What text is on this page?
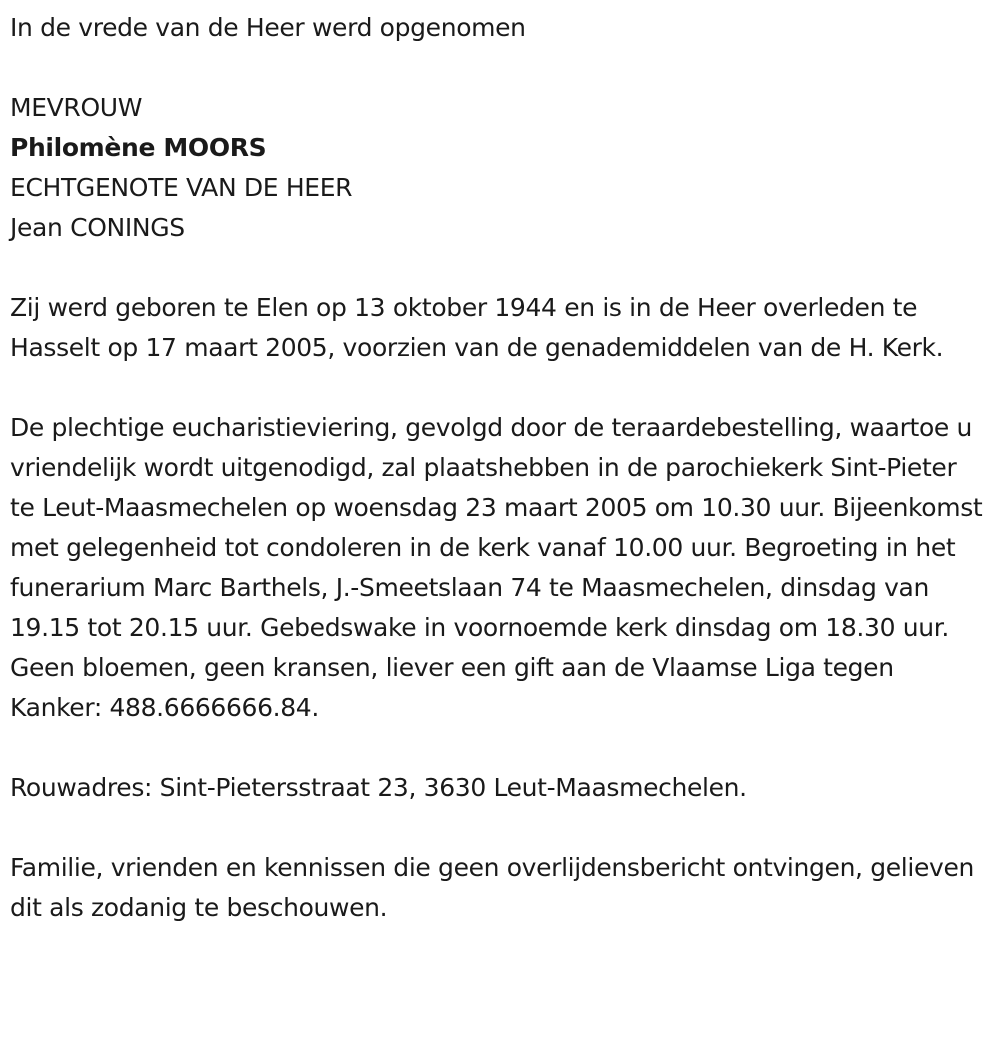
In de vrede van de Heer werd opgenomen

MEVROUW

Philomène MOORS

ECHTGENOTE VAN DE HEER

Jean CONINGS

Zij werd geboren te Elen op 13 oktober 1944 en is in de Heer overleden te Hasselt op 17 maart 2005, voorzien van de genademiddelen van de H. Kerk.

De plechtige eucharistieviering, gevolgd door de teraardebestelling, waartoe u vriendelijk wordt uitgenodigd, zal plaatshebben in de parochiekerk Sint-Pieter te Leut-Maasmechelen op woensdag 23 maart 2005 om 10.30 uur. Bijeenkomst met gelegenheid tot condoleren in de kerk vanaf 10.00 uur. Begroeting in het funerarium Marc Barthels, J.-Smeetslaan 74 te Maasmechelen, dinsdag van 19.15 tot 20.15 uur. Gebedswake in voornoemde kerk dinsdag om 18.30 uur. Geen bloemen, geen kransen, liever een gift aan de Vlaamse Liga tegen Kanker: 488.6666666.84.

Rouwadres: Sint-Pietersstraat 23, 3630 Leut-Maasmechelen.

Familie, vrienden en kennissen die geen overlijdensbericht ontvingen, gelieven dit als zodanig te beschouwen.
